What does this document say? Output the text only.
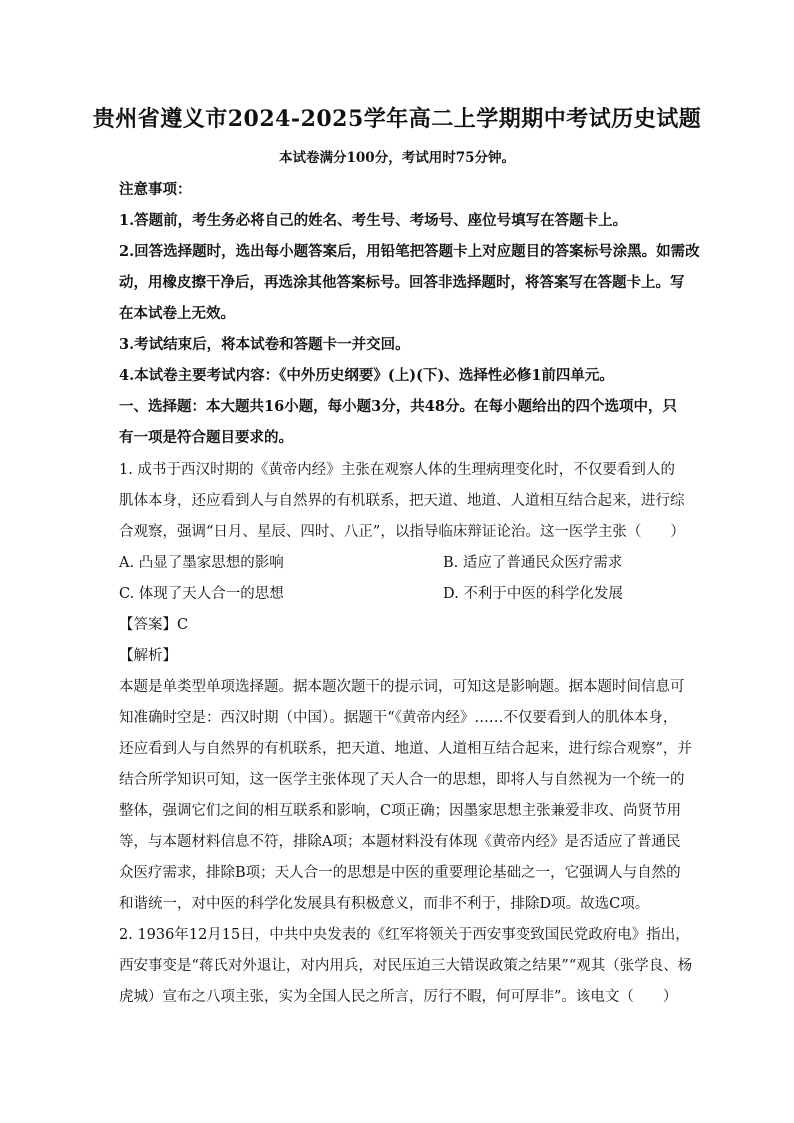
贵州省遵义市2024-2025学年高二上学期期中考试历史试题
本试卷满分100分，考试用时75分钟。
注意事项：
1.答题前，考生务必将自己的姓名、考生号、考场号、座位号填写在答题卡上。
2.回答选择题时，选出每小题答案后，用铅笔把答题卡上对应题目的答案标号涂黑。如需改
动，用橡皮擦干净后，再选涂其他答案标号。回答非选择题时，将答案写在答题卡上。写
在本试卷上无效。
3.考试结束后，将本试卷和答题卡一并交回。
4.本试卷主要考试内容：《中外历史纲要》(上)(下)、选择性必修1前四单元。
一、选择题：本大题共16小题，每小题3分，共48分。在每小题给出的四个选项中，只
有一项是符合题目要求的。
1. 成书于西汉时期的《黄帝内经》主张在观察人体的生理病理变化时，不仅要看到人的
肌体本身，还应看到人与自然界的有机联系，把天道、地道、人道相互结合起来，进行综
合观察，强调“日月、星辰、四时、八正”，以指导临床辩证论治。这一医学主张（　　）
A. 凸显了墨家思想的影响	B. 适应了普通民众医疗需求
C. 体现了天人合一的思想	D. 不利于中医的科学化发展
【答案】C
【解析】
本题是单类型单项选择题。据本题次题干的提示词，可知这是影响题。据本题时间信息可
知准确时空是：西汉时期（中国）。据题干“《黄帝内经》……不仅要看到人的肌体本身，
还应看到人与自然界的有机联系，把天道、地道、人道相互结合起来，进行综合观察”，并
结合所学知识可知，这一医学主张体现了天人合一的思想，即将人与自然视为一个统一的
整体，强调它们之间的相互联系和影响，C项正确；因墨家思想主张兼爱非攻、尚贤节用
等，与本题材料信息不符，排除A项；本题材料没有体现《黄帝内经》是否适应了普通民
众医疗需求，排除B项；天人合一的思想是中医的重要理论基础之一，它强调人与自然的
和谐统一，对中医的科学化发展具有积极意义，而非不利于，排除D项。故选C项。
2. 1936年12月15日，中共中央发表的《红军将领关于西安事变致国民党政府电》指出，
西安事变是“蒋氏对外退让，对内用兵，对民压迫三大错误政策之结果”“观其（张学良、杨
虎城）宣布之八项主张，实为全国人民之所言，厉行不暇，何可厚非”。该电文（　　）
